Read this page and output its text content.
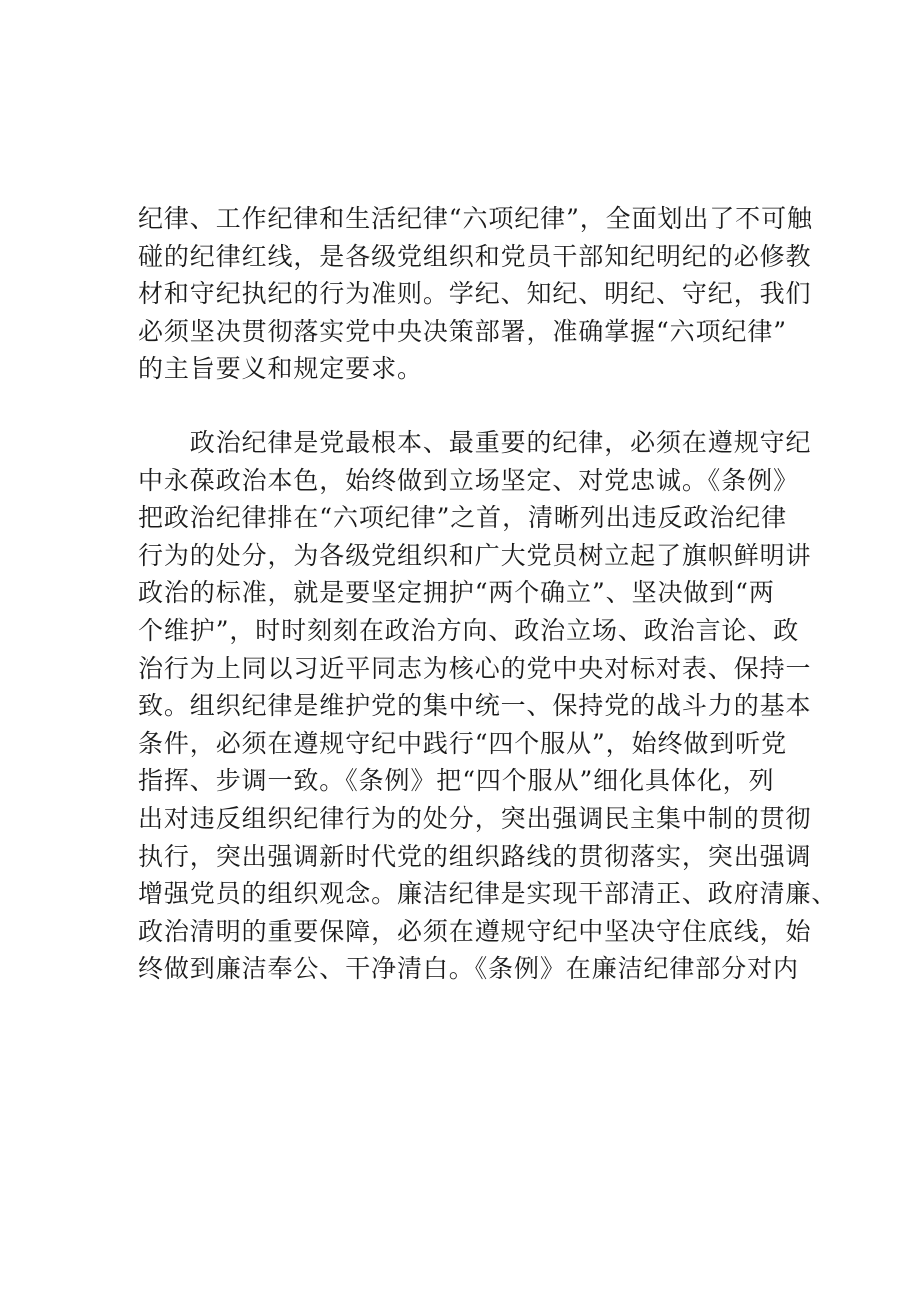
纪律、工作纪律和生活纪律“六项纪律”，全面划出了不可触
碰的纪律红线，是各级党组织和党员干部知纪明纪的必修教
材和守纪执纪的行为准则。学纪、知纪、明纪、守纪，我们
必须坚决贯彻落实党中央决策部署，准确掌握“六项纪律”
的主旨要义和规定要求。
　　政治纪律是党最根本、最重要的纪律，必须在遵规守纪
中永葆政治本色，始终做到立场坚定、对党忠诚。《条例》
把政治纪律排在“六项纪律”之首，清晰列出违反政治纪律
行为的处分，为各级党组织和广大党员树立起了旗帜鲜明讲
政治的标准，就是要坚定拥护“两个确立”、坚决做到“两
个维护”，时时刻刻在政治方向、政治立场、政治言论、政
治行为上同以习近平同志为核心的党中央对标对表、保持一
致。组织纪律是维护党的集中统一、保持党的战斗力的基本
条件，必须在遵规守纪中践行“四个服从”，始终做到听党
指挥、步调一致。《条例》把“四个服从”细化具体化，列
出对违反组织纪律行为的处分，突出强调民主集中制的贯彻
执行，突出强调新时代党的组织路线的贯彻落实，突出强调
增强党员的组织观念。廉洁纪律是实现干部清正、政府清廉、
政治清明的重要保障，必须在遵规守纪中坚决守住底线，始
终做到廉洁奉公、干净清白。《条例》在廉洁纪律部分对内
